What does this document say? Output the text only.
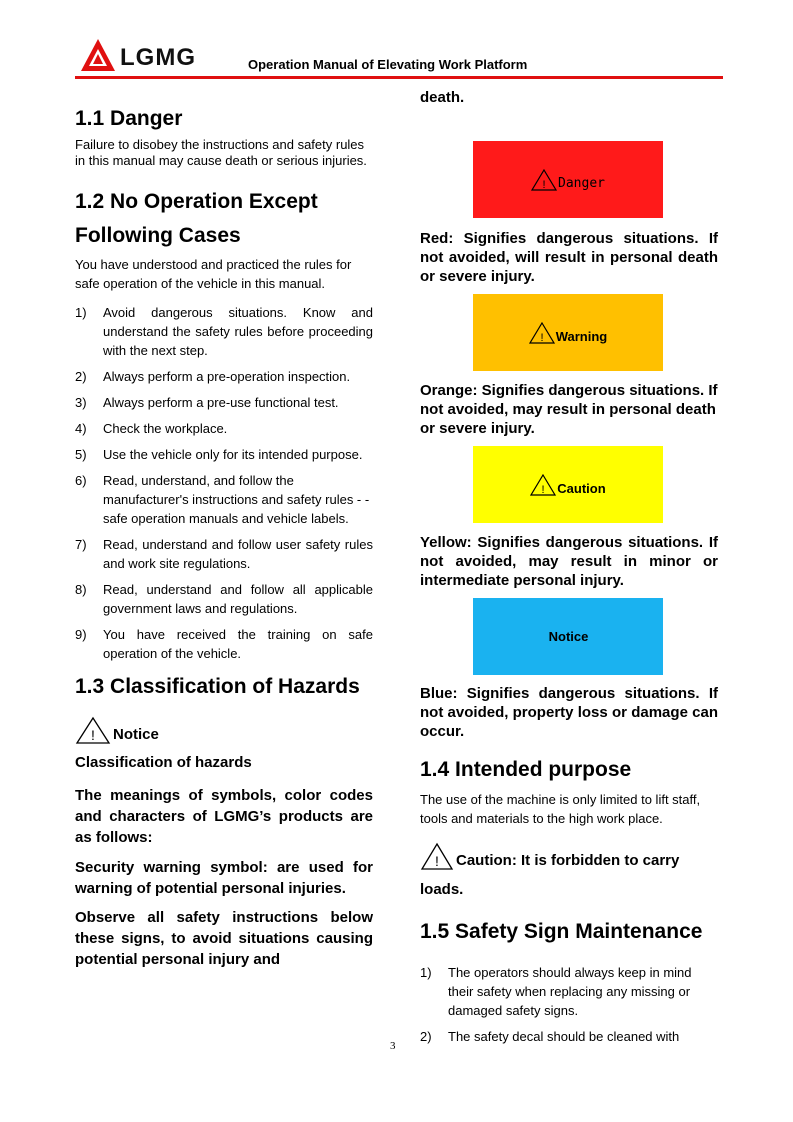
LGMG	Operation Manual of Elevating Work Platform
1.1 Danger

Failure to disobey the instructions and safety rules in this manual may cause death or serious injuries.

1.2 No Operation Except
Following Cases

You have understood and practiced the rules for safe operation of the vehicle in this manual.

1)	Avoid dangerous situations. Know and understand the safety rules before proceeding with the next step.
2)	Always perform a pre-operation inspection.
3)	Always perform a pre-use functional test.
4)	Check the workplace.
5)	Use the vehicle only for its intended purpose.
6)	Read, understand, and follow the manufacturer's instructions and safety rules - -safe operation manuals and vehicle labels.
7)	Read, understand and follow user safety rules and work site regulations.
8)	Read, understand and follow all applicable government laws and regulations.
9)	You have received the training on safe operation of the vehicle.
1.3 Classification of Hazards
! Notice

Classification of hazards

The meanings of symbols, color codes and characters of LGMG’s products are as follows:

Security warning symbol: are used for warning of potential personal injuries.

Observe all safety instructions below these signs, to avoid situations causing potential personal injury and

death.

! Danger

Red: Signifies dangerous situations. If not avoided, will result in personal death or severe injury.

! Warning

Orange: Signifies dangerous situations. If not avoided, may result in personal death or severe injury.

! Caution

Yellow: Signifies dangerous situations. If not avoided, may result in minor or intermediate personal injury.

Notice

Blue: Signifies dangerous situations. If not avoided, property loss or damage can occur.

1.4 Intended purpose

The use of the machine is only limited to lift staff, tools and materials to the high work place.

! Caution: It is forbidden to carry

loads.

1.5 Safety Sign Maintenance
1)	The operators should always keep in mind their safety when replacing any missing or damaged safety signs.
2)	The safety decal should be cleaned with
3
